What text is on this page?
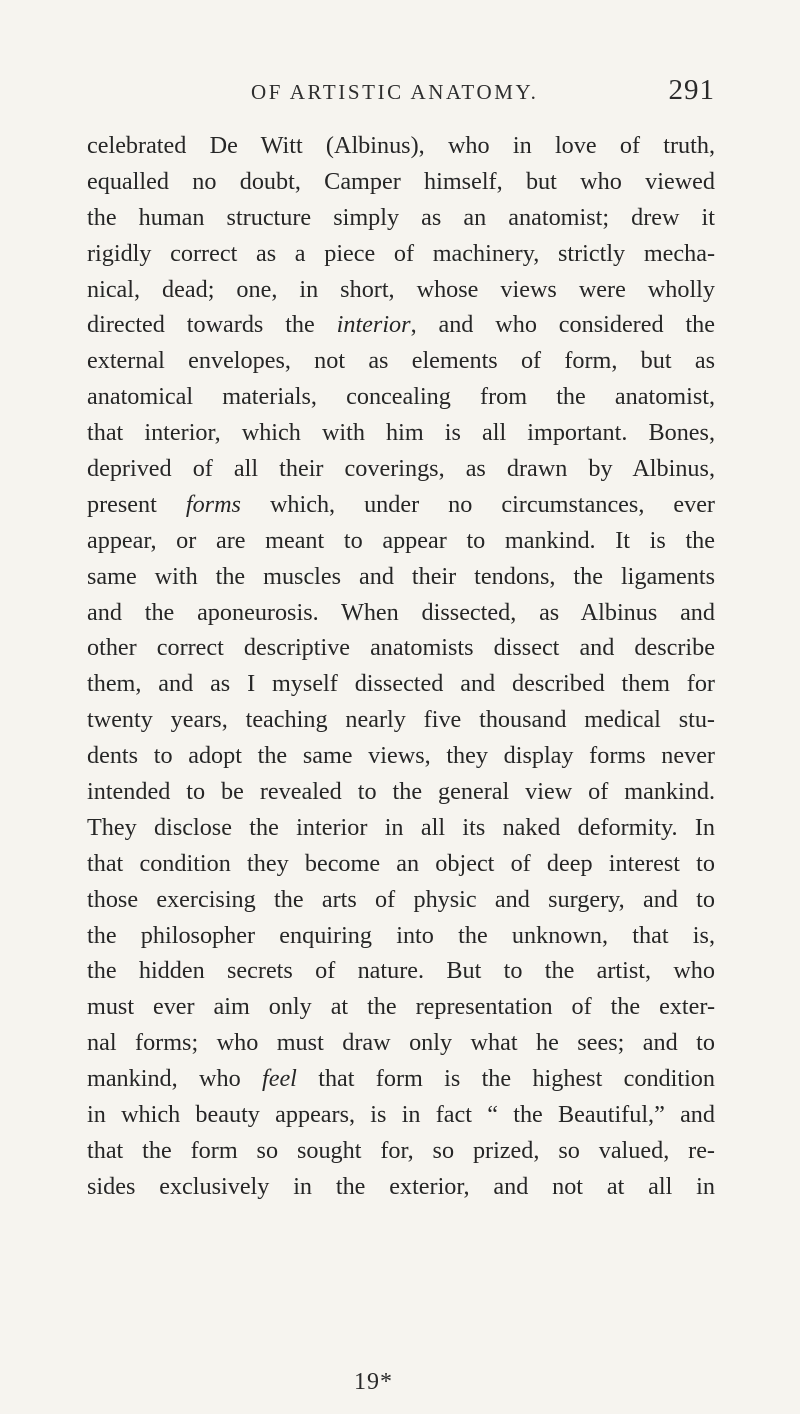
OF ARTISTIC ANATOMY.	291
celebrated De Witt (Albinus), who in love of truth,
equalled no doubt, Camper himself, but who viewed
the human structure simply as an anatomist; drew it
rigidly correct as a piece of machinery, strictly mecha-
nical, dead; one, in short, whose views were wholly
directed towards the interior, and who considered the
external envelopes, not as elements of form, but as
anatomical materials, concealing from the anatomist,
that interior, which with him is all important. Bones,
deprived of all their coverings, as drawn by Albinus,
present forms which, under no circumstances, ever
appear, or are meant to appear to mankind. It is the
same with the muscles and their tendons, the ligaments
and the aponeurosis. When dissected, as Albinus and
other correct descriptive anatomists dissect and describe
them, and as I myself dissected and described them for
twenty years, teaching nearly five thousand medical stu-
dents to adopt the same views, they display forms never
intended to be revealed to the general view of mankind.
They disclose the interior in all its naked deformity. In
that condition they become an object of deep interest to
those exercising the arts of physic and surgery, and to
the philosopher enquiring into the unknown, that is,
the hidden secrets of nature. But to the artist, who
must ever aim only at the representation of the exter-
nal forms; who must draw only what he sees; and to
mankind, who feel that form is the highest condition
in which beauty appears, is in fact “ the Beautiful,” and
that the form so sought for, so prized, so valued, re-
sides exclusively in the exterior, and not at all in
19*
